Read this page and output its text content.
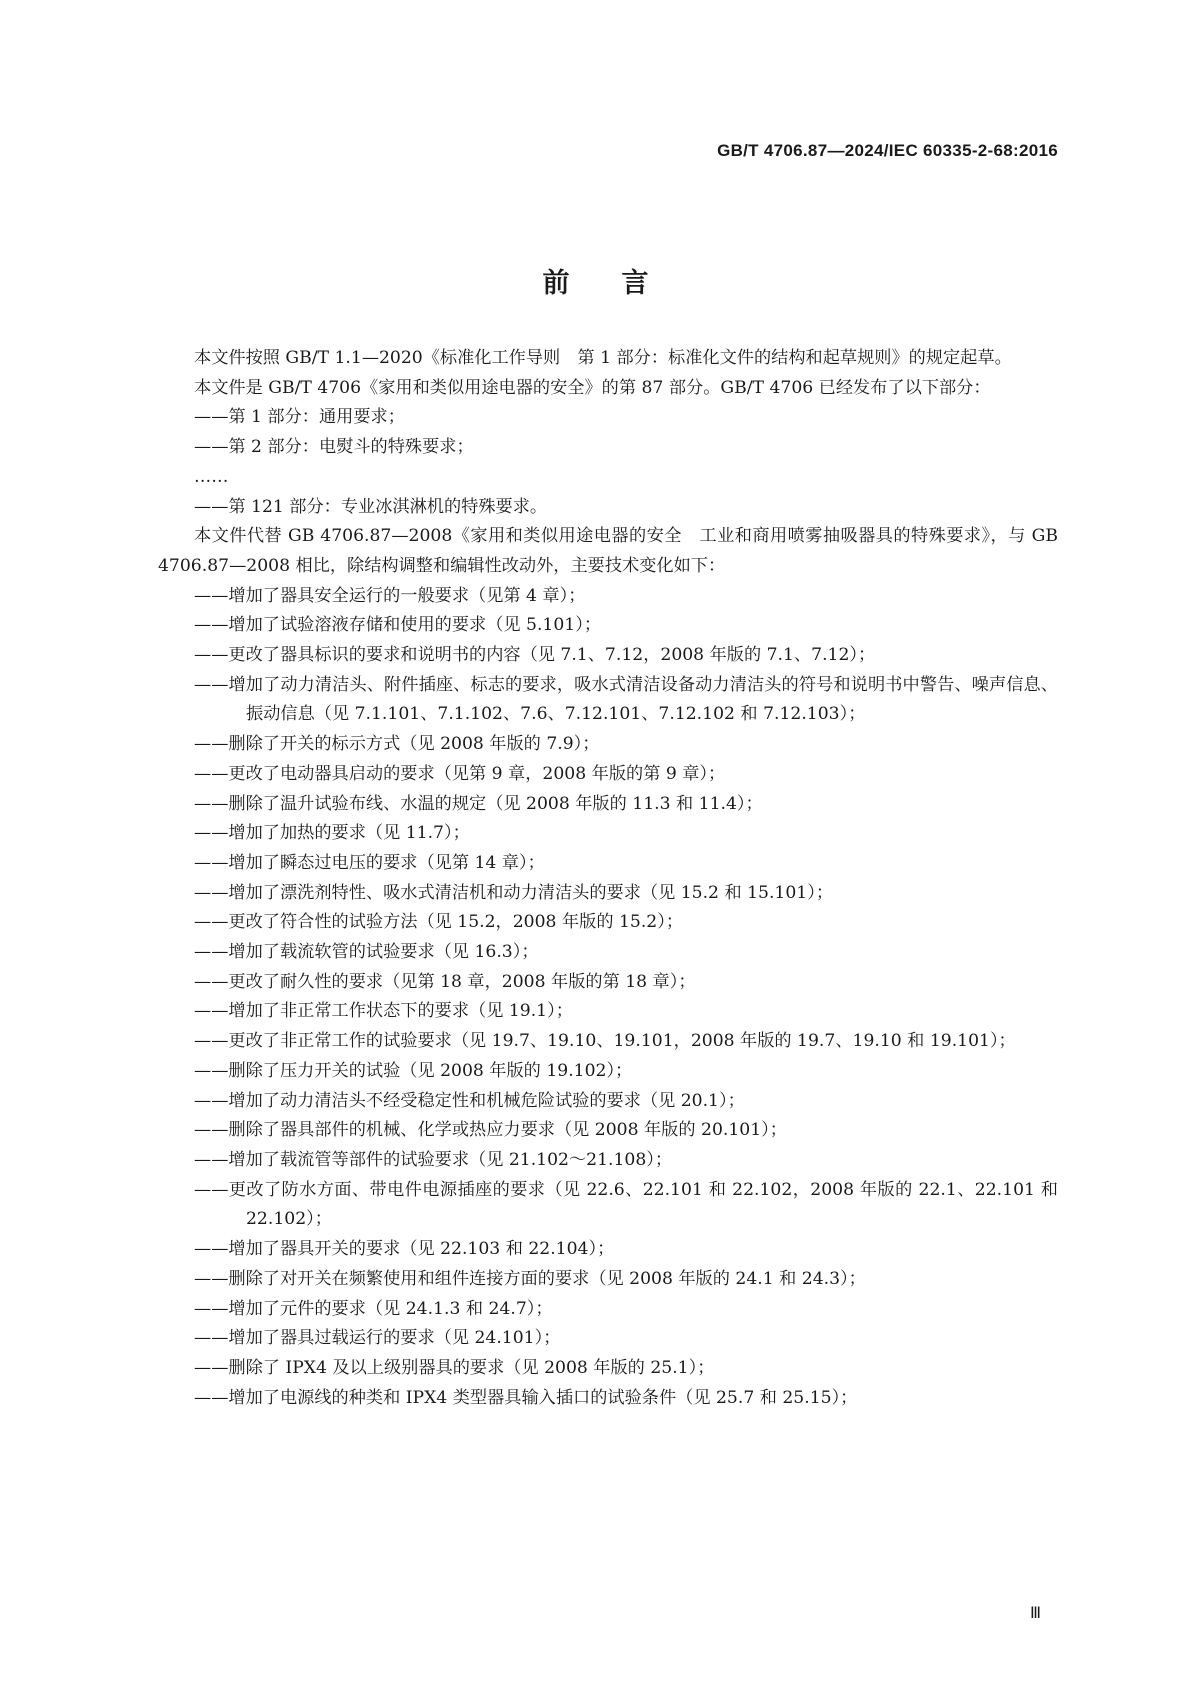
GB/T 4706.87—2024/IEC 60335-2-68:2016
前言

本文件按照 GB/T 1.1—2020《标准化工作导则　第 1 部分：标准化文件的结构和起草规则》的规定起草。

本文件是 GB/T 4706《家用和类似用途电器的安全》的第 87 部分。GB/T 4706 已经发布了以下部分：

——第 1 部分：通用要求；

——第 2 部分：电熨斗的特殊要求；

……

——第 121 部分：专业冰淇淋机的特殊要求。

本文件代替 GB 4706.87—2008《家用和类似用途电器的安全　工业和商用喷雾抽吸器具的特殊要求》，与 GB 4706.87—2008 相比，除结构调整和编辑性改动外，主要技术变化如下：

——增加了器具安全运行的一般要求（见第 4 章）；

——增加了试验溶液存储和使用的要求（见 5.101）；

——更改了器具标识的要求和说明书的内容（见 7.1、7.12，2008 年版的 7.1、7.12）；

——增加了动力清洁头、附件插座、标志的要求，吸水式清洁设备动力清洁头的符号和说明书中警告、噪声信息、振动信息（见 7.1.101、7.1.102、7.6、7.12.101、7.12.102 和 7.12.103）；

——删除了开关的标示方式（见 2008 年版的 7.9）；

——更改了电动器具启动的要求（见第 9 章，2008 年版的第 9 章）；

——删除了温升试验布线、水温的规定（见 2008 年版的 11.3 和 11.4）；

——增加了加热的要求（见 11.7）；

——增加了瞬态过电压的要求（见第 14 章）；

——增加了漂洗剂特性、吸水式清洁机和动力清洁头的要求（见 15.2 和 15.101）；

——更改了符合性的试验方法（见 15.2，2008 年版的 15.2）；

——增加了载流软管的试验要求（见 16.3）；

——更改了耐久性的要求（见第 18 章，2008 年版的第 18 章）；

——增加了非正常工作状态下的要求（见 19.1）；

——更改了非正常工作的试验要求（见 19.7、19.10、19.101，2008 年版的 19.7、19.10 和 19.101）；

——删除了压力开关的试验（见 2008 年版的 19.102）；

——增加了动力清洁头不经受稳定性和机械危险试验的要求（见 20.1）；

——删除了器具部件的机械、化学或热应力要求（见 2008 年版的 20.101）；

——增加了载流管等部件的试验要求（见 21.102～21.108）；

——更改了防水方面、带电件电源插座的要求（见 22.6、22.101 和 22.102，2008 年版的 22.1、22.101 和 22.102）；

——增加了器具开关的要求（见 22.103 和 22.104）；

——删除了对开关在频繁使用和组件连接方面的要求（见 2008 年版的 24.1 和 24.3）；

——增加了元件的要求（见 24.1.3 和 24.7）；

——增加了器具过载运行的要求（见 24.101）；

——删除了 IPX4 及以上级别器具的要求（见 2008 年版的 25.1）；

——增加了电源线的种类和 IPX4 类型器具输入插口的试验条件（见 25.7 和 25.15）；

Ⅲ
